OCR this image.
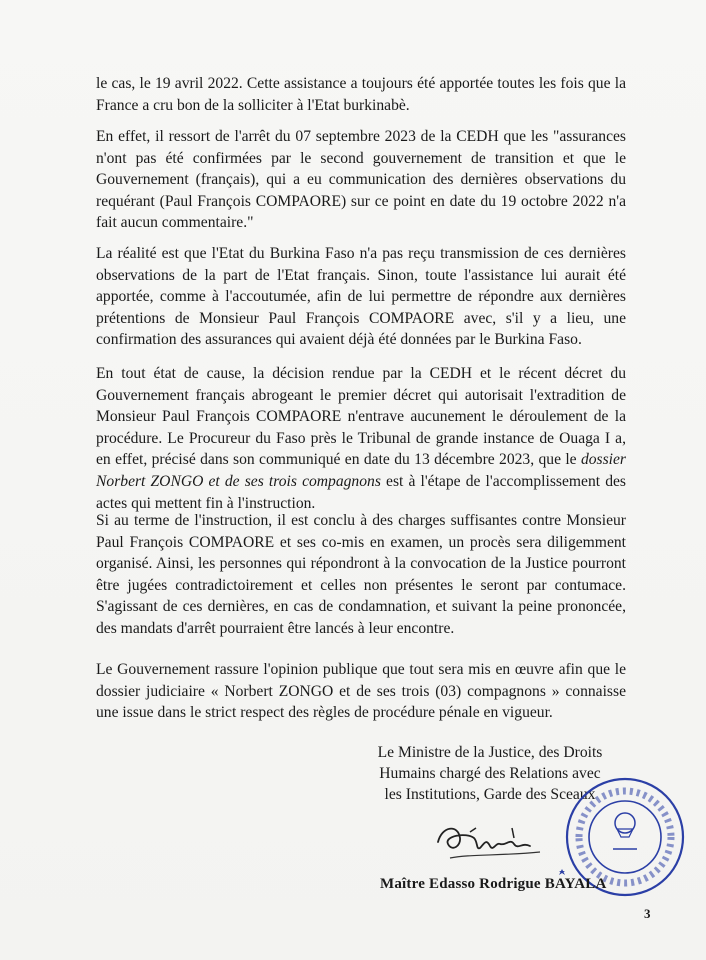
le cas, le 19 avril 2022. Cette assistance a toujours été apportée toutes les fois que la France a cru bon de la solliciter à l'Etat burkinabè.

En effet, il ressort de l'arrêt du 07 septembre 2023 de la CEDH que les "assurances n'ont pas été confirmées par le second gouvernement de transition et que le Gouvernement (français), qui a eu communication des dernières observations du requérant (Paul François COMPAORE) sur ce point en date du 19 octobre 2022 n'a fait aucun commentaire."

La réalité est que l'Etat du Burkina Faso n'a pas reçu transmission de ces dernières observations de la part de l'Etat français. Sinon, toute l'assistance lui aurait été apportée, comme à l'accoutumée, afin de lui permettre de répondre aux dernières prétentions de Monsieur Paul François COMPAORE avec, s'il y a lieu, une confirmation des assurances qui avaient déjà été données par le Burkina Faso.

En tout état de cause, la décision rendue par la CEDH et le récent décret du Gouvernement français abrogeant le premier décret qui autorisait l'extradition de Monsieur Paul François COMPAORE n'entrave aucunement le déroulement de la procédure. Le Procureur du Faso près le Tribunal de grande instance de Ouaga I a, en effet, précisé dans son communiqué en date du 13 décembre 2023, que le dossier Norbert ZONGO et de ses trois compagnons est à l'étape de l'accomplissement des actes qui mettent fin à l'instruction.

Si au terme de l'instruction, il est conclu à des charges suffisantes contre Monsieur Paul François COMPAORE et ses co-mis en examen, un procès sera diligemment organisé. Ainsi, les personnes qui répondront à la convocation de la Justice pourront être jugées contradictoirement et celles non présentes le seront par contumace. S'agissant de ces dernières, en cas de condamnation, et suivant la peine prononcée, des mandats d'arrêt pourraient être lancés à leur encontre.

Le Gouvernement rassure l'opinion publique que tout sera mis en œuvre afin que le dossier judiciaire « Norbert ZONGO et de ses trois (03) compagnons » connaisse une issue dans le strict respect des règles de procédure pénale en vigueur.

Le Ministre de la Justice, des Droits
Humains chargé des Relations avec
les Institutions, Garde des Sceaux
Maître Edasso Rodrigue BAYALA
3
